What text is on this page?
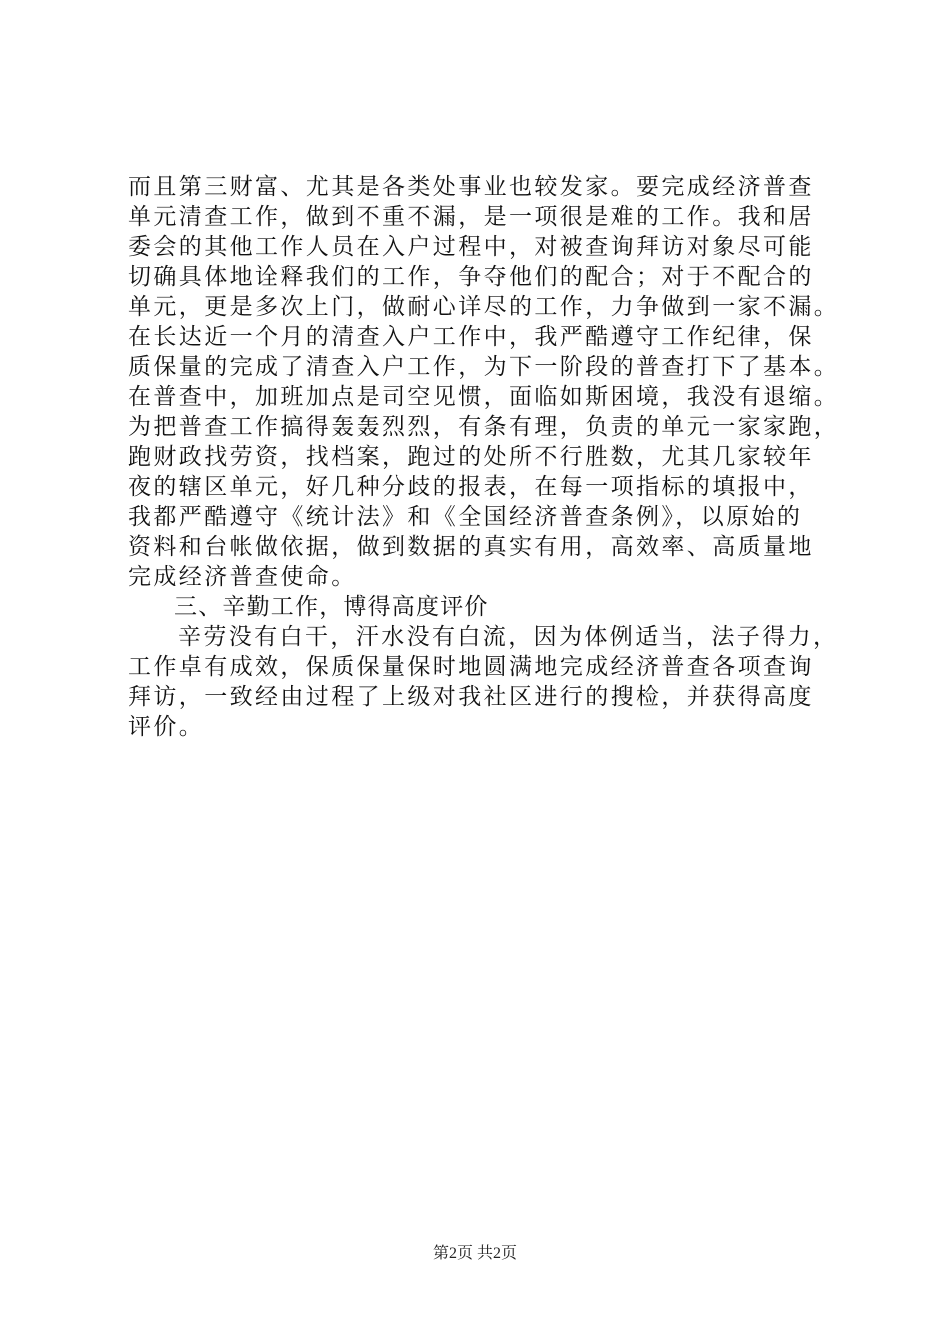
而且第三财富、尤其是各类处事业也较发家。要完成经济普查
单元清查工作，做到不重不漏，是一项很是难的工作。我和居
委会的其他工作人员在入户过程中，对被查询拜访对象尽可能
切确具体地诠释我们的工作，争夺他们的配合；对于不配合的
单元，更是多次上门，做耐心详尽的工作，力争做到一家不漏。
在长达近一个月的清查入户工作中，我严酷遵守工作纪律，保
质保量的完成了清查入户工作，为下一阶段的普查打下了基本。
在普查中，加班加点是司空见惯，面临如斯困境，我没有退缩。
为把普查工作搞得轰轰烈烈，有条有理，负责的单元一家家跑，
跑财政找劳资，找档案，跑过的处所不行胜数，尤其几家较年
夜的辖区单元，好几种分歧的报表，在每一项指标的填报中，
我都严酷遵守《统计法》和《全国经济普查条例》，以原始的
资料和台帐做依据，做到数据的真实有用，高效率、高质量地
完成经济普查使命。
三、辛勤工作，博得高度评价
辛劳没有白干，汗水没有白流，因为体例适当，法子得力，
工作卓有成效，保质保量保时地圆满地完成经济普查各项查询
拜访，一致经由过程了上级对我社区进行的搜检，并获得高度
评价。
第2页 共2页
